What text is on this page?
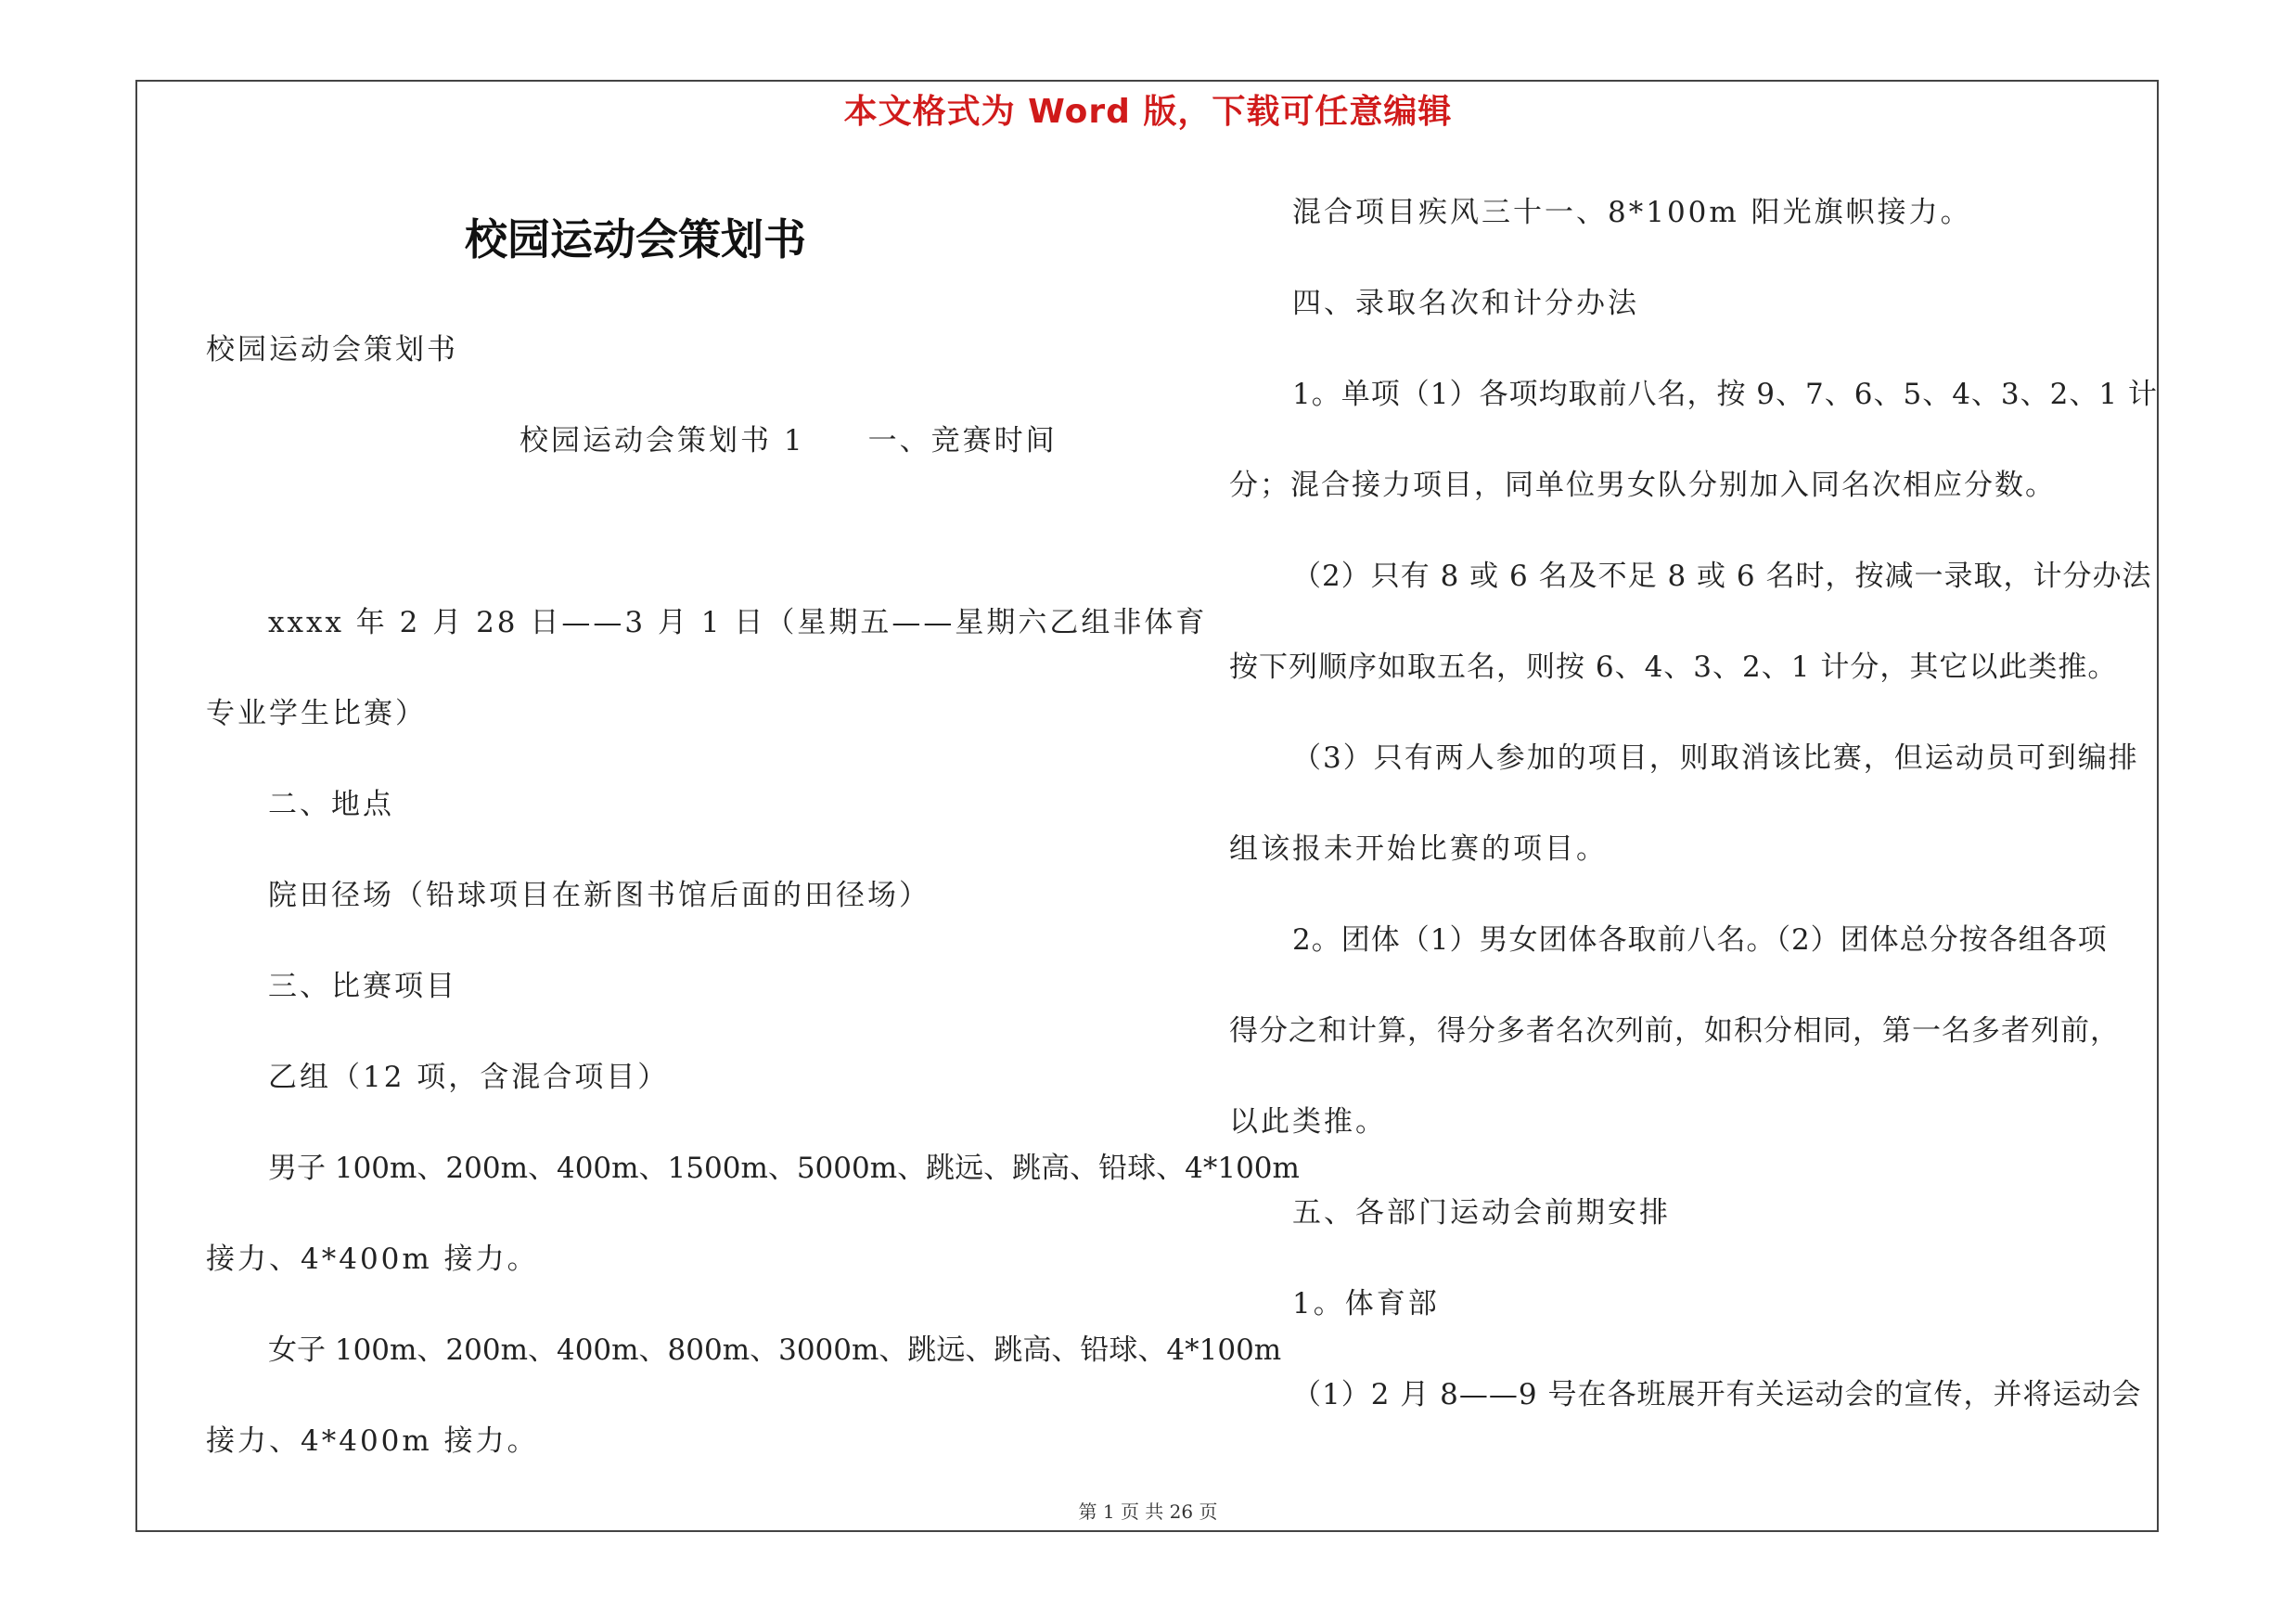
本文格式为 Word 版，下载可任意编辑
校园运动会策划书
校园运动会策划书
校园运动会策划书 1　　一、竞赛时间
xxxx 年 2 月 28 日——3 月 1 日（星期五——星期六乙组非体育
专业学生比赛）
二、地点
院田径场（铅球项目在新图书馆后面的田径场）
三、比赛项目
乙组（12 项，含混合项目）
男子 100m、200m、400m、1500m、5000m、跳远、跳高、铅球、4*100m
接力、4*400m 接力。
女子 100m、200m、400m、800m、3000m、跳远、跳高、铅球、4*100m
接力、4*400m 接力。
混合项目疾风三十一、8*100m 阳光旗帜接力。
四、录取名次和计分办法
1。单项（1）各项均取前八名，按 9、7、6、5、4、3、2、1 计
分；混合接力项目，同单位男女队分别加入同名次相应分数。
（2）只有 8 或 6 名及不足 8 或 6 名时，按减一录取，计分办法
按下列顺序如取五名，则按 6、4、3、2、1 计分，其它以此类推。
（3）只有两人参加的项目，则取消该比赛，但运动员可到编排
组该报未开始比赛的项目。
2。团体（1）男女团体各取前八名。（2）团体总分按各组各项
得分之和计算，得分多者名次列前，如积分相同，第一名多者列前，
以此类推。
五、各部门运动会前期安排
1。体育部
（1）2 月 8——9 号在各班展开有关运动会的宣传，并将运动会
第 1 页 共 26 页
